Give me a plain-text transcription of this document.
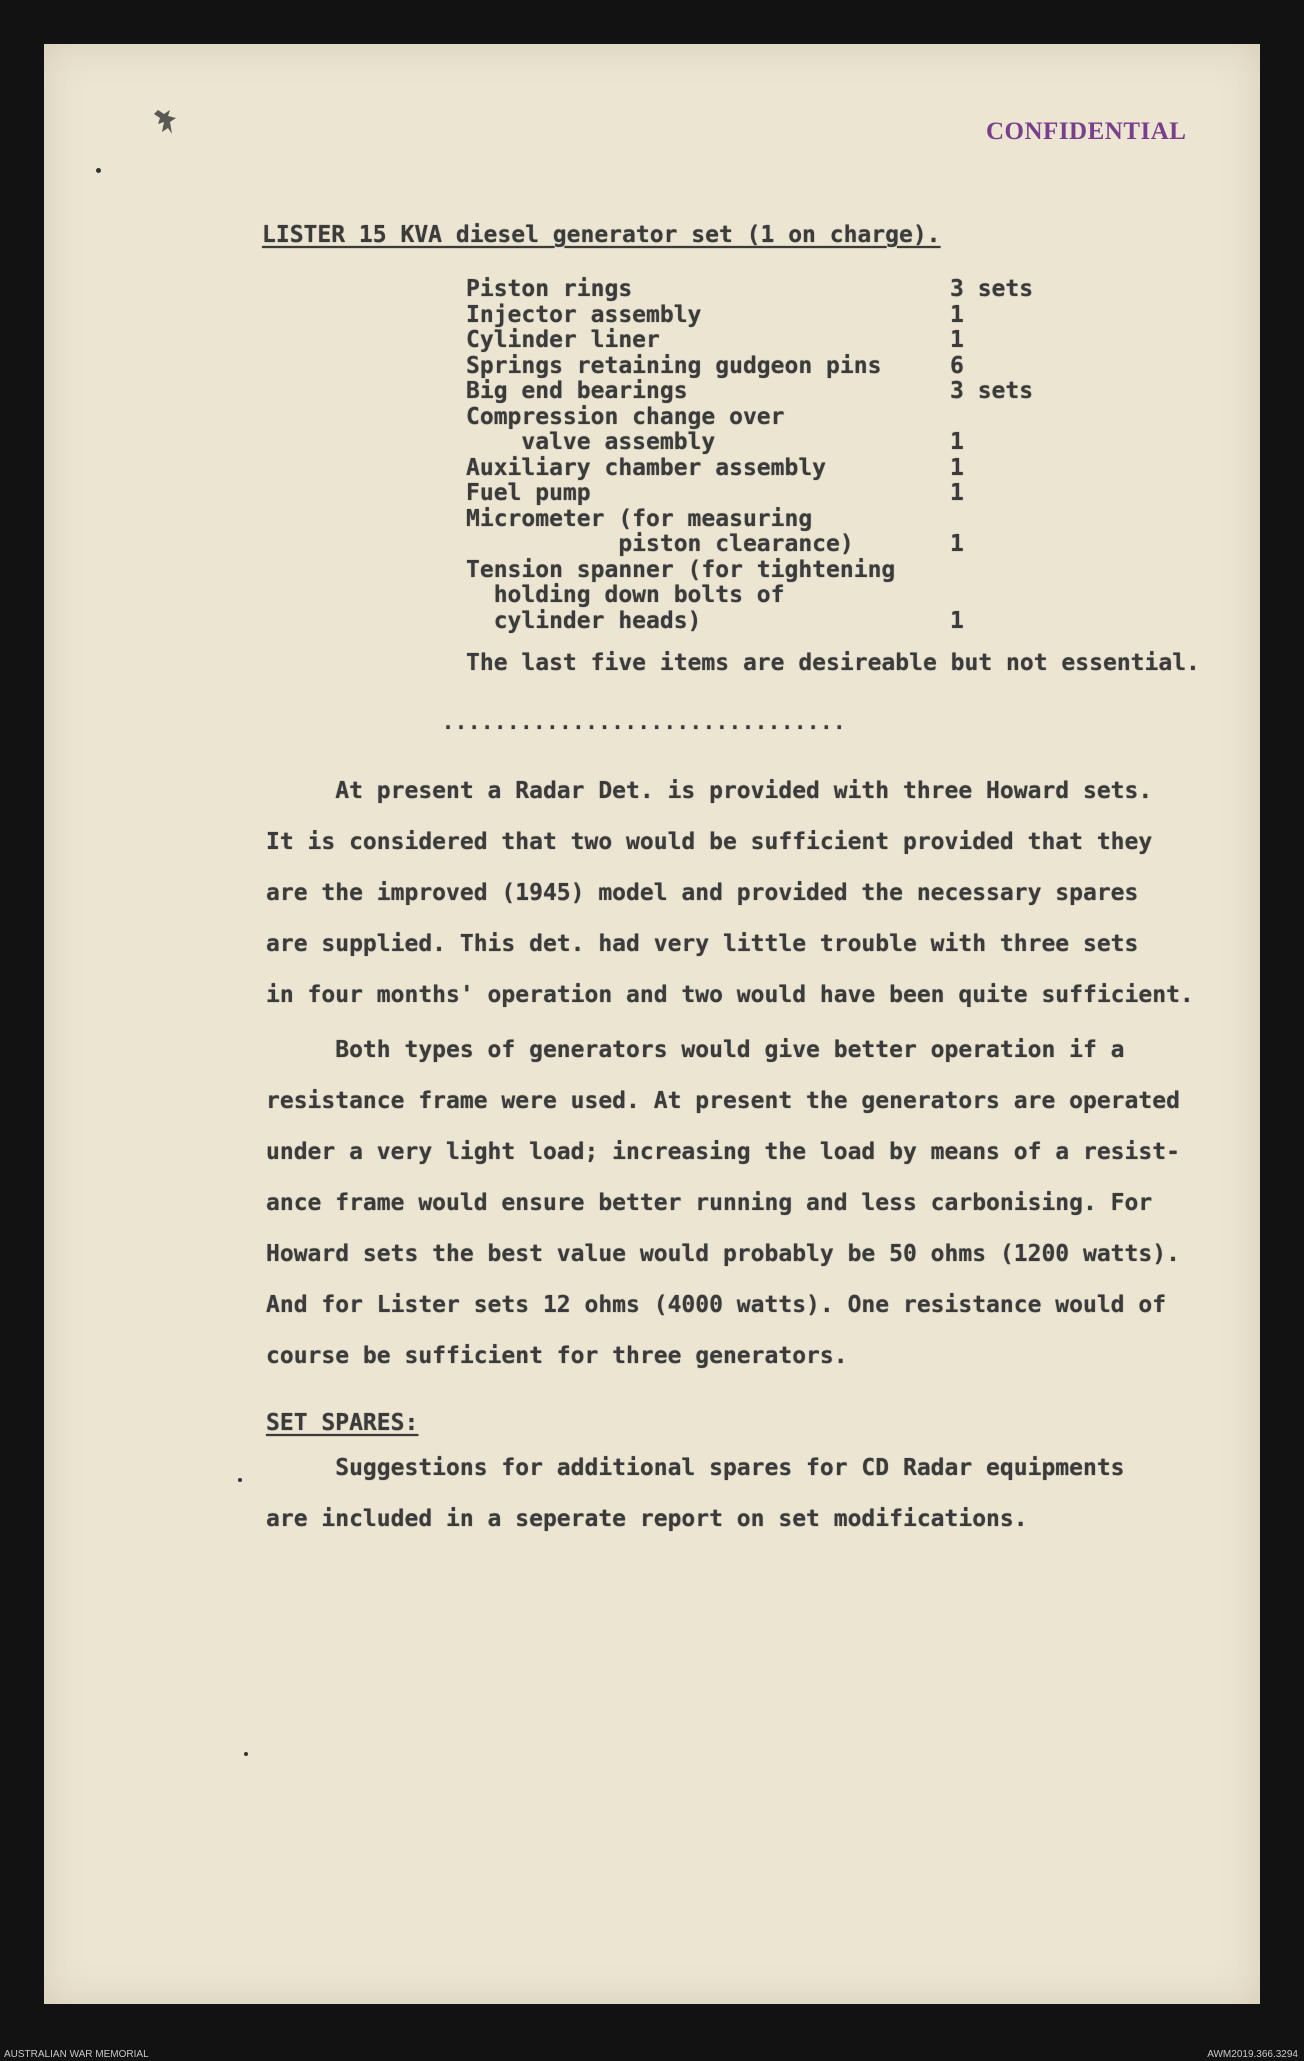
CONFIDENTIAL
LISTER 15 KVA diesel generator set (1 on charge).
Piston rings	3 sets
Injector assembly	1
Cylinder liner	1
Springs retaining gudgeon pins	6
Big end bearings	3 sets
Compression change over
valve assembly	1
Auxiliary chamber assembly	1
Fuel pump	1
Micrometer (for measuring
piston clearance)	1
Tension spanner (for tightening
holding down bolts of
cylinder heads)	1
The last five items are desireable but not essential.
...............................
At present a Radar Det. is provided with three Howard sets.
It is considered that two would be sufficient provided that they
are the improved (1945) model and provided the necessary spares
are supplied. This det. had very little trouble with three sets
in four months' operation and two would have been quite sufficient.
Both types of generators would give better operation if a
resistance frame were used. At present the generators are operated
under a very light load; increasing the load by means of a resist-
ance frame would ensure better running and less carbonising. For
Howard sets the best value would probably be 50 ohms (1200 watts).
And for Lister sets 12 ohms (4000 watts). One resistance would of
course be sufficient for three generators.
SET SPARES:
Suggestions for additional spares for CD Radar equipments
are included in a seperate report on set modifications.
AUSTRALIAN WAR MEMORIAL	AWM2019.366.3294
